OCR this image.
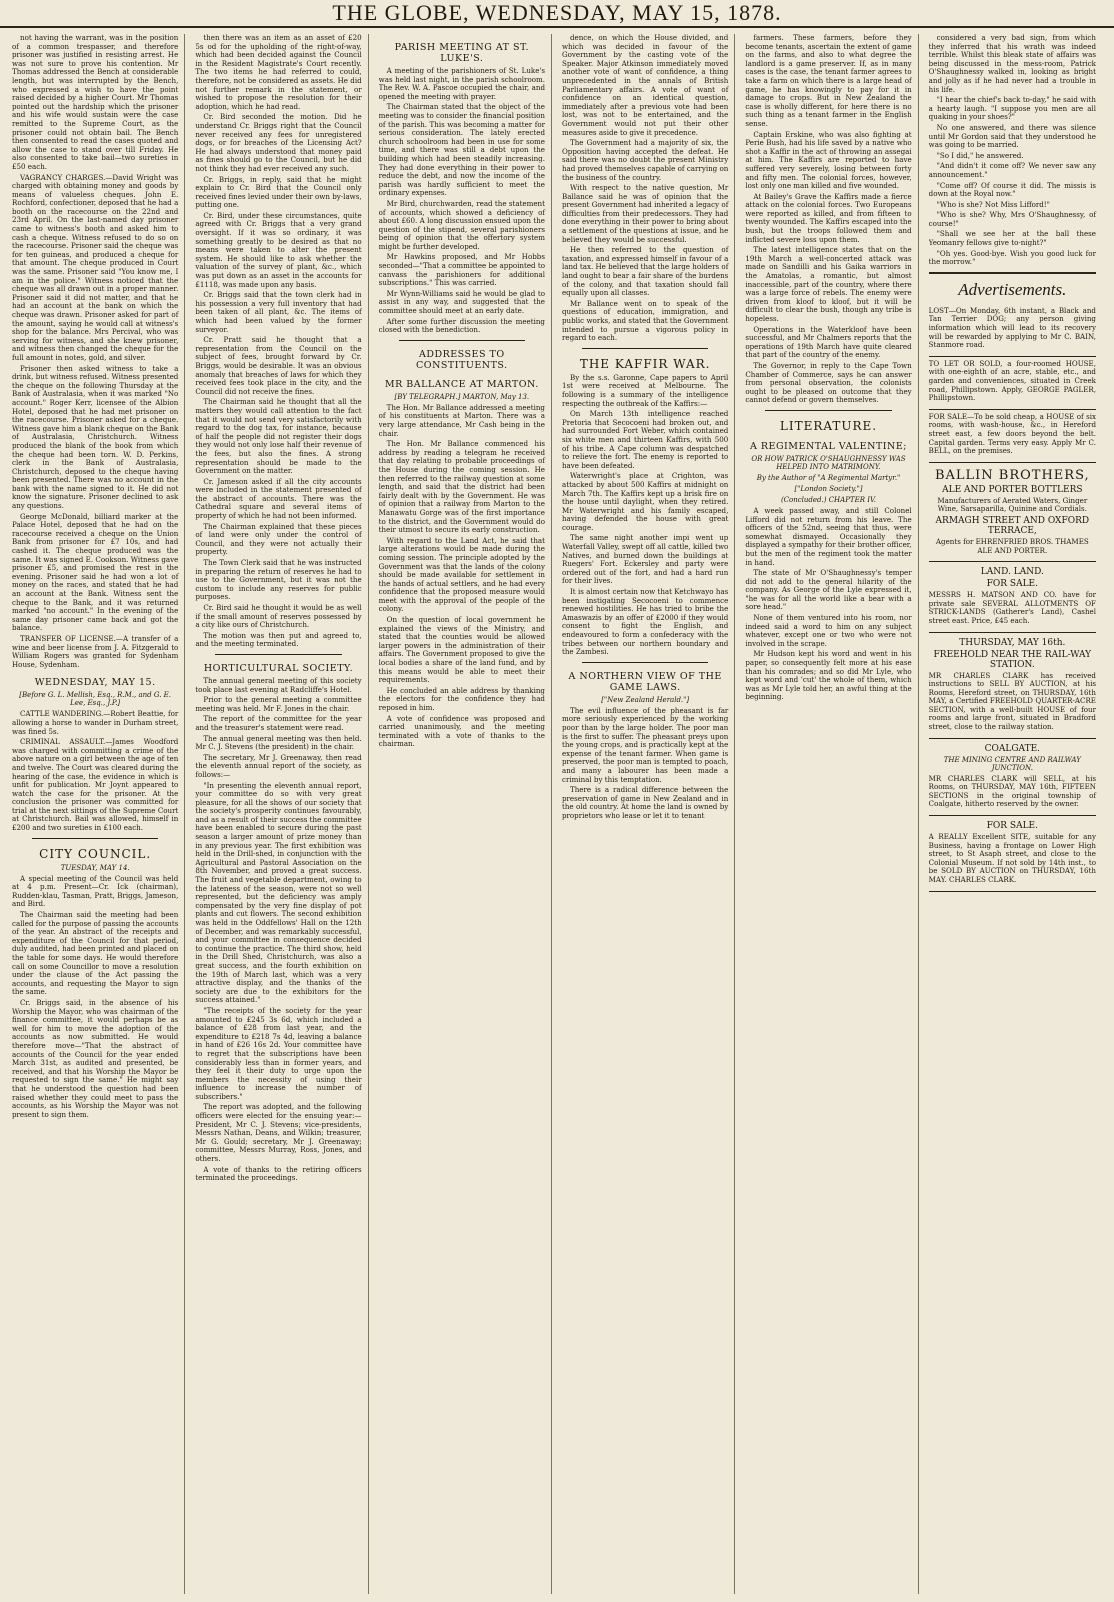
THE GLOBE, WEDNESDAY, MAY 15, 1878.

not having the warrant, was in the position of a common trespasser, and therefore prisoner was justified in resisting arrest. He was not sure to prove his contention. Mr Thomas addressed the Bench at considerable length, but was interrupted by the Bench, who expressed a wish to have the point raised decided by a higher Court. Mr Thomas pointed out the hardship which the prisoner and his wife would sustain were the case remitted to the Supreme Court, as the prisoner could not obtain bail. The Bench then consented to read the cases quoted and allow the case to stand over till Friday. He also consented to take bail—two sureties in £50 each.

VAGRANCY CHARGES.—David Wright was charged with obtaining money and goods by means of valueless cheques. John E. Rochford, confectioner, deposed that he had a booth on the racecourse on the 22nd and 23rd April. On the last-named day prisoner came to witness's booth and asked him to cash a cheque. Witness refused to do so on the racecourse. Prisoner said the cheque was for ten guineas, and produced a cheque for that amount. The cheque produced in Court was the same. Prisoner said "You know me, I am in the police." Witness noticed that the cheque was all drawn out in a proper manner. Prisoner said it did not matter, and that he had an account at the bank on which the cheque was drawn. Prisoner asked for part of the amount, saying he would call at witness's shop for the balance. Mrs Percival, who was serving for witness, and she knew prisoner, and witness then changed the cheque for the full amount in notes, gold, and silver.

Prisoner then asked witness to take a drink, but witness refused. Witness presented the cheque on the following Thursday at the Bank of Australasia, when it was marked "No account." Roger Kerr, licensee of the Albion Hotel, deposed that he had met prisoner on the racecourse. Prisoner asked for a cheque. Witness gave him a blank cheque on the Bank of Australasia, Christchurch. Witness produced the blank of the book from which the cheque had been torn. W. D. Perkins, clerk in the Bank of Australasia, Christchurch, deposed to the cheque having been presented. There was no account in the bank with the name signed to it. He did not know the signature. Prisoner declined to ask any questions.

George McDonald, billiard marker at the Palace Hotel, deposed that he had on the racecourse received a cheque on the Union Bank from prisoner for £7 10s, and had cashed it. The cheque produced was the same. It was signed E. Cookson. Witness gave prisoner £5, and promised the rest in the evening. Prisoner said he had won a lot of money on the races, and stated that he had an account at the Bank. Witness sent the cheque to the Bank, and it was returned marked "no account." In the evening of the same day prisoner came back and got the balance.

TRANSFER OF LICENSE.—A transfer of a wine and beer license from J. A. Fitzgerald to William Rogers was granted for Sydenham House, Sydenham.

WEDNESDAY, MAY 15.
[Before G. L. Mellish, Esq., R.M., and G. E. Lee, Esq., J.P.]

CATTLE WANDERING.—Robert Beattie, for allowing a horse to wander in Durham street, was fined 5s.

CRIMINAL ASSAULT.—James Woodford was charged with committing a crime of the above nature on a girl between the age of ten and twelve. The Court was cleared during the hearing of the case, the evidence in which is unfit for publication. Mr Joynt appeared to watch the case for the prisoner. At the conclusion the prisoner was committed for trial at the next sittings of the Supreme Court at Christchurch. Bail was allowed, himself in £200 and two sureties in £100 each.

CITY COUNCIL.
TUESDAY, MAY 14.

A special meeting of the Council was held at 4 p.m. Present—Cr. Ick (chairman), Rudden-klau, Tasman, Pratt, Briggs, Jameson, and Bird.

The Chairman said the meeting had been called for the purpose of passing the accounts of the year. An abstract of the receipts and expenditure of the Council for that period, duly audited, had been printed and placed on the table for some days. He would therefore call on some Councillor to move a resolution under the clause of the Act passing the accounts, and requesting the Mayor to sign the same.

Cr. Briggs said, in the absence of his Worship the Mayor, who was chairman of the finance committee, it would perhaps be as well for him to move the adoption of the accounts as now submitted. He would therefore move—"That the abstract of accounts of the Council for the year ended March 31st, as audited and presented, be received, and that his Worship the Mayor be requested to sign the same." He might say that he understood the question had been raised whether they could meet to pass the accounts, as his Worship the Mayor was not present to sign them.

then there was an item as an asset of £20 5s od for the upholding of the right-of-way, which had been decided against the Council in the Resident Magistrate's Court recently. The two items he had referred to could, therefore, not be considered as assets. He did not further remark in the statement, or wished to propose the resolution for their adoption, which he had read.

Cr. Bird seconded the motion. Did he understand Cr. Briggs right that the Council never received any fees for unregistered dogs, or for breaches of the Licensing Act? He had always understood that money paid as fines should go to the Council, but he did not think they had ever received any such.

Cr. Briggs, in reply, said that he might explain to Cr. Bird that the Council only received fines levied under their own by-laws, putting one.

Cr. Bird, under these circumstances, quite agreed with Cr. Briggs that a very grand oversight. If it was so ordinary, it was something greatly to be desired as that no means were taken to alter the present system. He should like to ask whether the valuation of the survey of plant, &c., which was put down as an asset in the accounts for £1118, was made upon any basis.

Cr. Briggs said that the town clerk had in his possession a very full inventory that had been taken of all plant, &c. The items of which had been valued by the former surveyor.

Cr. Pratt said he thought that a representation from the Council on the subject of fees, brought forward by Cr. Briggs, would be desirable. It was an obvious anomaly that breaches of laws for which they received fees took place in the city, and the Council did not receive the fines.

The Chairman said he thought that all the matters they would call attention to the fact that it would not send very satisfactorily with regard to the dog tax, for instance, because of half the people did not register their dogs they would not only lose half their revenue of the fees, but also the fines. A strong representation should be made to the Government on the matter.

Cr. Jameson asked if all the city accounts were included in the statement presented of the abstract of accounts. There was the Cathedral square and several items of property of which he had not been informed.

The Chairman explained that these pieces of land were only under the control of Council, and they were not actually their property.

The Town Clerk said that he was instructed in preparing the return of reserves he had to use to the Government, but it was not the custom to include any reserves for public purposes.

Cr. Bird said he thought it would be as well if the small amount of reserves possessed by a city like ours of Christchurch.

The motion was then put and agreed to, and the meeting terminated.

HORTICULTURAL SOCIETY.

The annual general meeting of this society took place last evening at Radcliffe's Hotel.

Prior to the general meeting a committee meeting was held. Mr F. Jones in the chair.

The report of the committee for the year and the treasurer's statement were read.

The annual general meeting was then held. Mr C. J. Stevens (the president) in the chair.

The secretary, Mr J. Greenaway, then read the eleventh annual report of the society, as follows:—

"In presenting the eleventh annual report, your committee do so with very great pleasure, for all the shows of our society that the society's prosperity continues favourably, and as a result of their success the committee have been enabled to secure during the past season a larger amount of prize money than in any previous year. The first exhibition was held in the Drill-shed, in conjunction with the Agricultural and Pastoral Association on the 8th November, and proved a great success. The fruit and vegetable department, owing to the lateness of the season, were not so well represented, but the deficiency was amply compensated by the very fine display of pot plants and cut flowers. The second exhibition was held in the Oddfellows' Hall on the 12th of December, and was remarkably successful, and your committee in consequence decided to continue the practice. The third show, held in the Drill Shed, Christchurch, was also a great success, and the fourth exhibition on the 19th of March last, which was a very attractive display, and the thanks of the society are due to the exhibitors for the success attained."

"The receipts of the society for the year amounted to £245 3s 6d, which included a balance of £28 from last year, and the expenditure to £218 7s 4d, leaving a balance in hand of £26 16s 2d. Your committee have to regret that the subscriptions have been considerably less than in former years, and they feel it their duty to urge upon the members the necessity of using their influence to increase the number of subscribers."

The report was adopted, and the following officers were elected for the ensuing year:—President, Mr C. J. Stevens; vice-presidents, Messrs Nathan, Deans, and Wilkin; treasurer, Mr G. Gould; secretary, Mr J. Greenaway; committee, Messrs Murray, Ross, Jones, and others.

A vote of thanks to the retiring officers terminated the proceedings.

PARISH MEETING AT ST. LUKE'S.

A meeting of the parishioners of St. Luke's was held last night, in the parish schoolroom. The Rev. W. A. Pascoe occupied the chair, and opened the meeting with prayer.

The Chairman stated that the object of the meeting was to consider the financial position of the parish. This was becoming a matter for serious consideration. The lately erected church schoolroom had been in use for some time, and there was still a debt upon the building which had been steadily increasing. They had done everything in their power to reduce the debt, and now the income of the parish was hardly sufficient to meet the ordinary expenses.

Mr Bird, churchwarden, read the statement of accounts, which showed a deficiency of about £60. A long discussion ensued upon the question of the stipend, several parishioners being of opinion that the offertory system might be further developed.

Mr Hawkins proposed, and Mr Hobbs seconded—"That a committee be appointed to canvass the parishioners for additional subscriptions." This was carried.

Mr Wynn-Williams said he would be glad to assist in any way, and suggested that the committee should meet at an early date.

After some further discussion the meeting closed with the benediction.

ADDRESSES TO CONSTITUENTS.
MR BALLANCE AT MARTON.
[BY TELEGRAPH.] MARTON, May 13.

The Hon. Mr Ballance addressed a meeting of his constituents at Marton. There was a very large attendance, Mr Cash being in the chair.

The Hon. Mr Ballance commenced his address by reading a telegram he received that day relating to probable proceedings of the House during the coming session. He then referred to the railway question at some length, and said that the district had been fairly dealt with by the Government. He was of opinion that a railway from Marton to the Manawatu Gorge was of the first importance to the district, and the Government would do their utmost to secure its early construction.

With regard to the Land Act, he said that large alterations would be made during the coming session. The principle adopted by the Government was that the lands of the colony should be made available for settlement in the hands of actual settlers, and he had every confidence that the proposed measure would meet with the approval of the people of the colony.

On the question of local government he explained the views of the Ministry, and stated that the counties would be allowed larger powers in the administration of their affairs. The Government proposed to give the local bodies a share of the land fund, and by this means would be able to meet their requirements.

He concluded an able address by thanking the electors for the confidence they had reposed in him.

A vote of confidence was proposed and carried unanimously, and the meeting terminated with a vote of thanks to the chairman.

dence, on which the House divided, and which was decided in favour of the Government by the casting vote of the Speaker. Major Atkinson immediately moved another vote of want of confidence, a thing unprecedented in the annals of British Parliamentary affairs. A vote of want of confidence on an identical question, immediately after a previous vote had been lost, was not to be entertained, and the Government would not put their other measures aside to give it precedence.

The Government had a majority of six, the Opposition having accepted the defeat. He said there was no doubt the present Ministry had proved themselves capable of carrying on the business of the country.

With respect to the native question, Mr Ballance said he was of opinion that the present Government had inherited a legacy of difficulties from their predecessors. They had done everything in their power to bring about a settlement of the questions at issue, and he believed they would be successful.

He then referred to the question of taxation, and expressed himself in favour of a land tax. He believed that the large holders of land ought to bear a fair share of the burdens of the colony, and that taxation should fall equally upon all classes.

Mr Ballance went on to speak of the questions of education, immigration, and public works, and stated that the Government intended to pursue a vigorous policy in regard to each.

THE KAFFIR WAR.

By the s.s. Garonne, Cape papers to April 1st were received at Melbourne. The following is a summary of the intelligence respecting the outbreak of the Kaffirs:—

On March 13th intelligence reached Pretoria that Secocoeni had broken out, and had surrounded Fort Weber, which contained six white men and thirteen Kaffirs, with 500 of his tribe. A Cape column was despatched to relieve the fort. The enemy is reported to have been defeated.

Waterwright's place at Crighton, was attacked by about 500 Kaffirs at midnight on March 7th. The Kaffirs kept up a brisk fire on the house until daylight, when they retired. Mr Waterwright and his family escaped, having defended the house with great courage.

The same night another impi went up Waterfall Valley, swept off all cattle, killed two Natives, and burned down the buildings at Ruegers' Fort. Eckersley and party were ordered out of the fort, and had a hard run for their lives.

It is almost certain now that Ketchwayo has been instigating Secocoeni to commence renewed hostilities. He has tried to bribe the Amaswazis by an offer of £2000 if they would consent to fight the English, and endeavoured to form a confederacy with the tribes between our northern boundary and the Zambesi.

A NORTHERN VIEW OF THE GAME LAWS.
["New Zealand Herald."]

The evil influence of the pheasant is far more seriously experienced by the working poor than by the large holder. The poor man is the first to suffer. The pheasant preys upon the young crops, and is practically kept at the expense of the tenant farmer. When game is preserved, the poor man is tempted to poach, and many a labourer has been made a criminal by this temptation.

There is a radical difference between the preservation of game in New Zealand and in the old country. At home the land is owned by proprietors who lease or let it to tenant

farmers. These farmers, before they become tenants, ascertain the extent of game on the farms, and also to what degree the landlord is a game preserver. If, as in many cases is the case, the tenant farmer agrees to take a farm on which there is a large head of game, he has knowingly to pay for it in damage to crops. But in New Zealand the case is wholly different, for here there is no such thing as a tenant farmer in the English sense.

Captain Erskine, who was also fighting at Perie Bush, had his life saved by a native who shot a Kaffir in the act of throwing an assegai at him. The Kaffirs are reported to have suffered very severely, losing between forty and fifty men. The colonial forces, however, lost only one man killed and five wounded.

At Bailey's Grave the Kaffirs made a fierce attack on the colonial forces. Two Europeans were reported as killed, and from fifteen to twenty wounded. The Kaffirs escaped into the bush, but the troops followed them and inflicted severe loss upon them.

The latest intelligence states that on the 19th March a well-concerted attack was made on Sandilli and his Gaika warriors in the Amatolas, a romantic, but almost inaccessible, part of the country, where there was a large force of rebels. The enemy were driven from kloof to kloof, but it will be difficult to clear the bush, though any tribe is hopeless.

Operations in the Waterkloof have been successful, and Mr Chalmers reports that the operations of 19th March have quite cleared that part of the country of the enemy.

The Governor, in reply to the Cape Town Chamber of Commerce, says he can answer from personal observation, the colonists ought to be pleased on outcome that they cannot defend or govern themselves.

LITERATURE.
A REGIMENTAL VALENTINE;
OR HOW PATRICK O'SHAUGHNESSY WAS HELPED INTO MATRIMONY.
By the Author of "A Regimental Martyr."
["London Society."]
(Concluded.) CHAPTER IV.

A week passed away, and still Colonel Lifford did not return from his leave. The officers of the 52nd, seeing that thus, were somewhat dismayed. Occasionally they displayed a sympathy for their brother officer, but the men of the regiment took the matter in hand.

The state of Mr O'Shaughnessy's temper did not add to the general hilarity of the company. As George of the Lyle expressed it, "he was for all the world like a bear with a sore head."

None of them ventured into his room, nor indeed said a word to him on any subject whatever, except one or two who were not involved in the scrape.

Mr Hudson kept his word and went in his paper, so consequently felt more at his ease than his comrades; and so did Mr Lyle, who kept word and 'cut' the whole of them, which was as Mr Lyle told her, an awful thing at the beginning.

considered a very bad sign, from which they inferred that his wrath was indeed terrible. Whilst this bleak state of affairs was being discussed in the mess-room, Patrick O'Shaughnessy walked in, looking as bright and jolly as if he had never had a trouble in his life.

"I hear the chief's back to-day," he said with a hearty laugh. "I suppose you men are all quaking in your shoes?"

No one answered, and there was silence until Mr Gordon said that they understood he was going to be married.

"So I did," he answered.

"And didn't it come off? We never saw any announcement."

"Come off? Of course it did. The missis is down at the Royal now."

"Who is she? Not Miss Lifford!"

"Who is she? Why, Mrs O'Shaughnessy, of course!"

"Shall we see her at the ball these Yeomanry fellows give to-night?"

"Oh yes. Good-bye. Wish you good luck for the morrow."

Advertisements.

LOST—On Monday, 6th instant, a Black and Tan Terrier DOG; any person giving information which will lead to its recovery will be rewarded by applying to Mr C. BAIN, Stanmore road.

TO LET OR SOLD, a four-roomed HOUSE, with one-eighth of an acre, stable, etc., and garden and conveniences, situated in Creek road, Phillipstown. Apply, GEORGE PAGLER, Phillipstown.

FOR SALE—To be sold cheap, a HOUSE of six rooms, with wash-house, &c., in Hereford street east, a few doors beyond the belt. Capital garden. Terms very easy. Apply Mr C. BELL, on the premises.

BALLIN BROTHERS,
ALE AND PORTER BOTTLERS

Manufacturers of Aerated Waters, Ginger Wine, Sarsaparilla, Quinine and Cordials.

ARMAGH STREET AND OXFORD TERRACE,

Agents for EHRENFRIED BROS. THAMES ALE AND PORTER.

LAND. LAND.
FOR SALE.

MESSRS H. MATSON AND CO. have for private sale SEVERAL ALLOTMENTS OF STRICK-LANDS (Gatherer's Land), Cashel street east. Price, £45 each.

THURSDAY, MAY 16th.
FREEHOLD NEAR THE RAIL-WAY STATION.

MR CHARLES CLARK has received instructions to SELL BY AUCTION, at his Rooms, Hereford street, on THURSDAY, 16th MAY, a Certified FREEHOLD QUARTER-ACRE SECTION, with a well-built HOUSE of four rooms and large front, situated in Bradford street, close to the railway station.

COALGATE.
THE MINING CENTRE AND RAILWAY JUNCTION.

MR CHARLES CLARK will SELL, at his Rooms, on THURSDAY, MAY 16th, FIFTEEN SECTIONS in the original township of Coalgate, hitherto reserved by the owner.

FOR SALE.

A REALLY Excellent SITE, suitable for any Business, having a frontage on Lower High street, to St Asaph street, and close to the Colonial Museum. If not sold by 14th inst., to be SOLD BY AUCTION on THURSDAY, 16th MAY. CHARLES CLARK.
